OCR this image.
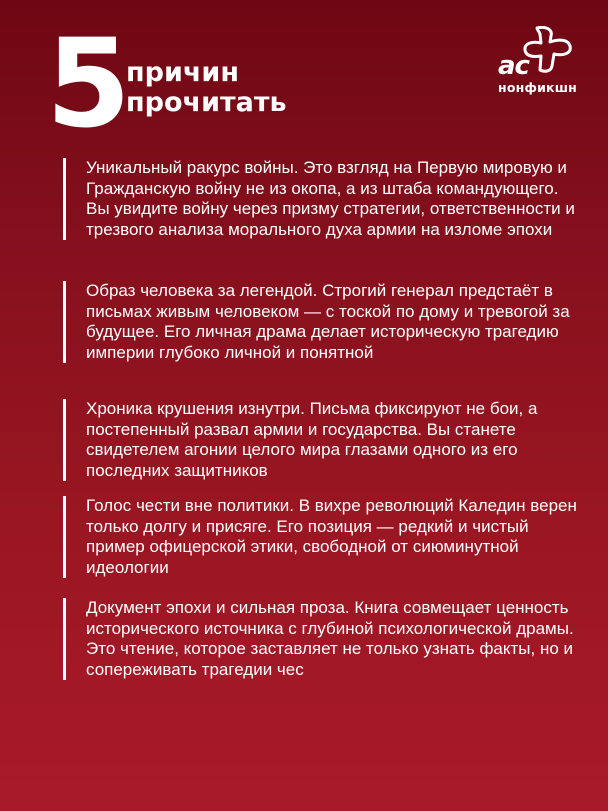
5
причин
прочитать
ас
нонфикшн
Уникальный ракурс войны. Это взгляд на Первую мировую и Гражданскую войну не из окопа, а из штаба командующего. Вы увидите войну через призму стратегии, ответственности и трезвого анализа морального духа армии на изломе эпохи
Образ человека за легендой. Строгий генерал предстаёт в письмах живым человеком — с тоской по дому и тревогой за будущее. Его личная драма делает историческую трагедию империи глубоко личной и понятной
Хроника крушения изнутри. Письма фиксируют не бои, а постепенный развал армии и государства. Вы станете свидетелем агонии целого мира глазами одного из его последних защитников
Голос чести вне политики. В вихре революций Каледин верен только долгу и присяге. Его позиция — редкий и чистый пример офицерской этики, свободной от сиюминутной идеологии
Документ эпохи и сильная проза. Книга совмещает ценность исторического источника с глубиной психологической драмы. Это чтение, которое заставляет не только узнать факты, но и сопереживать трагедии чес
